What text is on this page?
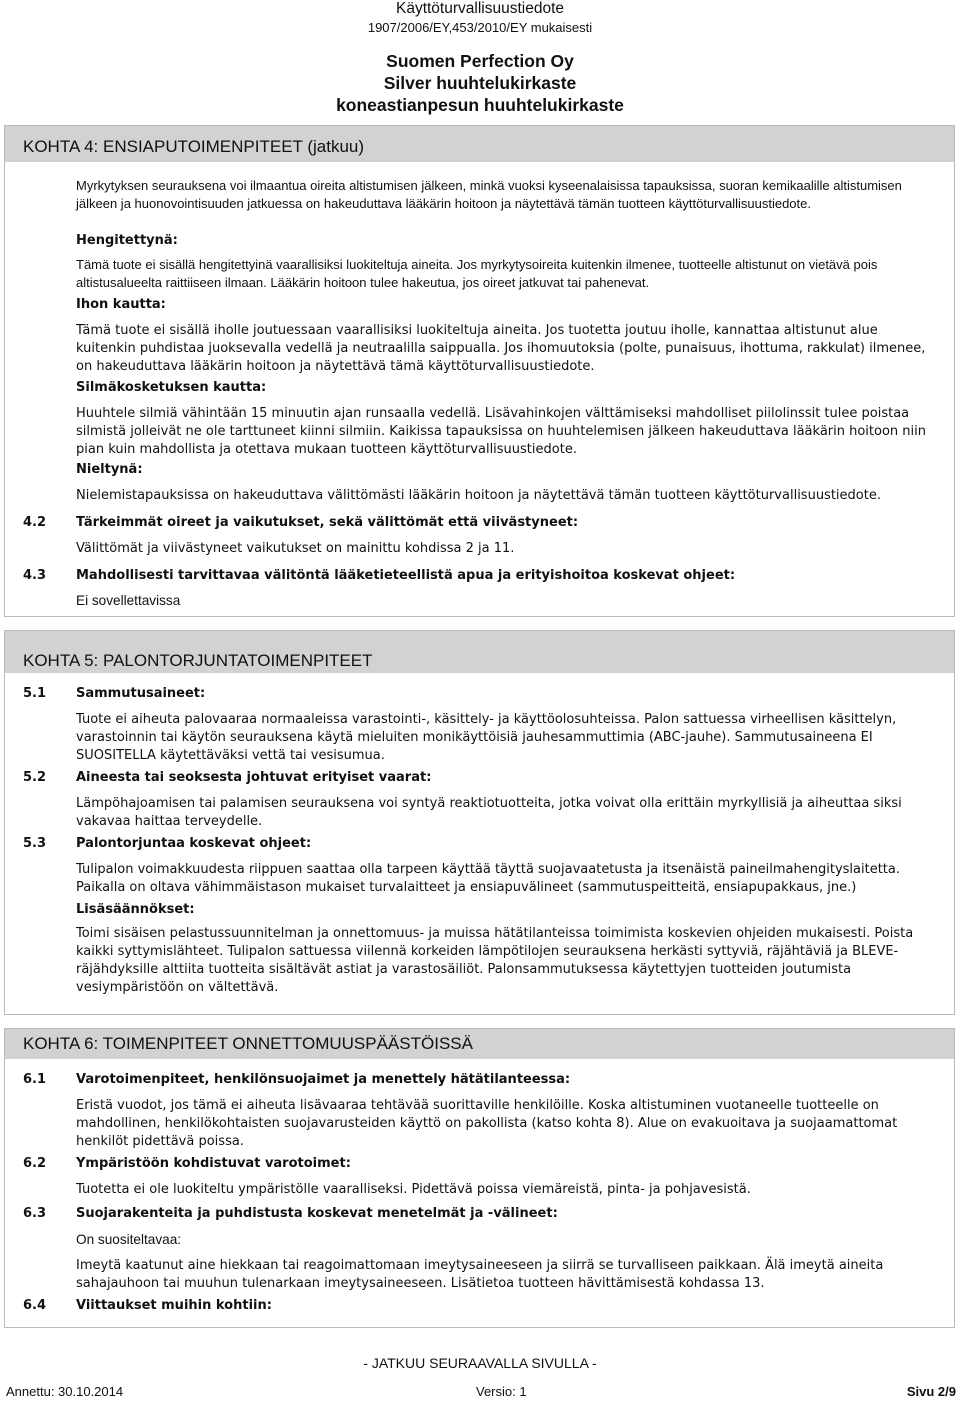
Käyttöturvallisuustiedote
1907/2006/EY,453/2010/EY mukaisesti
Suomen Perfection Oy
Silver huuhtelukirkaste
koneastianpesun huuhtelukirkaste
KOHTA 4: ENSIAPUTOIMENPITEET (jatkuu)

Myrkytyksen seurauksena voi ilmaantua oireita altistumisen jälkeen, minkä vuoksi kyseenalaisissa tapauksissa, suoran kemikaalille altistumisen jälkeen ja huonovointisuuden jatkuessa on hakeuduttava lääkärin hoitoon ja näytettävä tämän tuotteen käyttöturvallisuustiedote.

Hengitettynä:

Tämä tuote ei sisällä hengitettyinä vaarallisiksi luokiteltuja aineita. Jos myrkytysoireita kuitenkin ilmenee, tuotteelle altistunut on vietävä pois altistusalueelta raittiiseen ilmaan. Lääkärin hoitoon tulee hakeutua, jos oireet jatkuvat tai pahenevat.

Ihon kautta:

Tämä tuote ei sisällä iholle joutuessaan vaarallisiksi luokiteltuja aineita. Jos tuotetta joutuu iholle, kannattaa altistunut alue kuitenkin puhdistaa juoksevalla vedellä ja neutraalilla saippualla. Jos ihomuutoksia (polte, punaisuus, ihottuma, rakkulat) ilmenee, on hakeuduttava lääkärin hoitoon ja näytettävä tämä käyttöturvallisuustiedote.

Silmäkosketuksen kautta:

Huuhtele silmiä vähintään 15 minuutin ajan runsaalla vedellä. Lisävahinkojen välttämiseksi mahdolliset piilolinssit tulee poistaa silmistä jolleivät ne ole tarttuneet kiinni silmiin. Kaikissa tapauksissa on huuhtelemisen jälkeen hakeuduttava lääkärin hoitoon niin pian kuin mahdollista ja otettava mukaan tuotteen käyttöturvallisuustiedote.

Nieltynä:

Nielemistapauksissa on hakeuduttava välittömästi lääkärin hoitoon ja näytettävä tämän tuotteen käyttöturvallisuustiedote.

4.2 Tärkeimmät oireet ja vaikutukset, sekä välittömät että viivästyneet:

Välittömät ja viivästyneet vaikutukset on mainittu kohdissa 2 ja 11.

4.3 Mahdollisesti tarvittavaa välitöntä lääketieteellistä apua ja erityishoitoa koskevat ohjeet:

Ei sovellettavissa

KOHTA 5: PALONTORJUNTATOIMENPITEET
5.1 Sammutusaineet:

Tuote ei aiheuta palovaaraa normaaleissa varastointi-, käsittely- ja käyttöolosuhteissa. Palon sattuessa virheellisen käsittelyn, varastoinnin tai käytön seurauksena käytä mieluiten monikäyttöisiä jauhesammuttimia (ABC-jauhe). Sammutusaineena EI SUOSITELLA käytettäväksi vettä tai vesisumua.

5.2 Aineesta tai seoksesta johtuvat erityiset vaarat:

Lämpöhajoamisen tai palamisen seurauksena voi syntyä reaktiotuotteita, jotka voivat olla erittäin myrkyllisiä ja aiheuttaa siksi vakavaa haittaa terveydelle.

5.3 Palontorjuntaa koskevat ohjeet:

Tulipalon voimakkuudesta riippuen saattaa olla tarpeen käyttää täyttä suojavaatetusta ja itsenäistä paineilmahengityslaitetta. Paikalla on oltava vähimmäistason mukaiset turvalaitteet ja ensiapuvälineet (sammutuspeitteitä, ensiapupakkaus, jne.)

Lisäsäännökset:

Toimi sisäisen pelastussuunnitelman ja onnettomuus- ja muissa hätätilanteissa toimimista koskevien ohjeiden mukaisesti. Poista kaikki syttymislähteet. Tulipalon sattuessa viilennä korkeiden lämpötilojen seurauksena herkästi syttyviä, räjähtäviä ja BLEVE-räjähdyksille alttiita tuotteita sisältävät astiat ja varastosäiliöt. Palonsammutuksessa käytettyjen tuotteiden joutumista vesiympäristöön on vältettävä.

KOHTA 6: TOIMENPITEET ONNETTOMUUSPÄÄSTÖISSÄ
6.1 Varotoimenpiteet, henkilönsuojaimet ja menettely hätätilanteessa:

Eristä vuodot, jos tämä ei aiheuta lisävaaraa tehtävää suorittaville henkilöille. Koska altistuminen vuotaneelle tuotteelle on mahdollinen, henkilökohtaisten suojavarusteiden käyttö on pakollista (katso kohta 8). Alue on evakuoitava ja suojaamattomat henkilöt pidettävä poissa.

6.2 Ympäristöön kohdistuvat varotoimet:

Tuotetta ei ole luokiteltu ympäristölle vaaralliseksi. Pidettävä poissa viemäreistä, pinta- ja pohjavesistä.

6.3 Suojarakenteita ja puhdistusta koskevat menetelmät ja -välineet:

On suositeltavaa:

Imeytä kaatunut aine hiekkaan tai reagoimattomaan imeytysaineeseen ja siirrä se turvalliseen paikkaan. Älä imeytä aineita sahajauhoon tai muuhun tulenarkaan imeytysaineeseen. Lisätietoa tuotteen hävittämisestä kohdassa 13.

6.4 Viittaukset muihin kohtiin:
- JATKUU SEURAAVALLA SIVULLA -
Annettu: 30.10.2014	Versio: 1	Sivu 2/9
